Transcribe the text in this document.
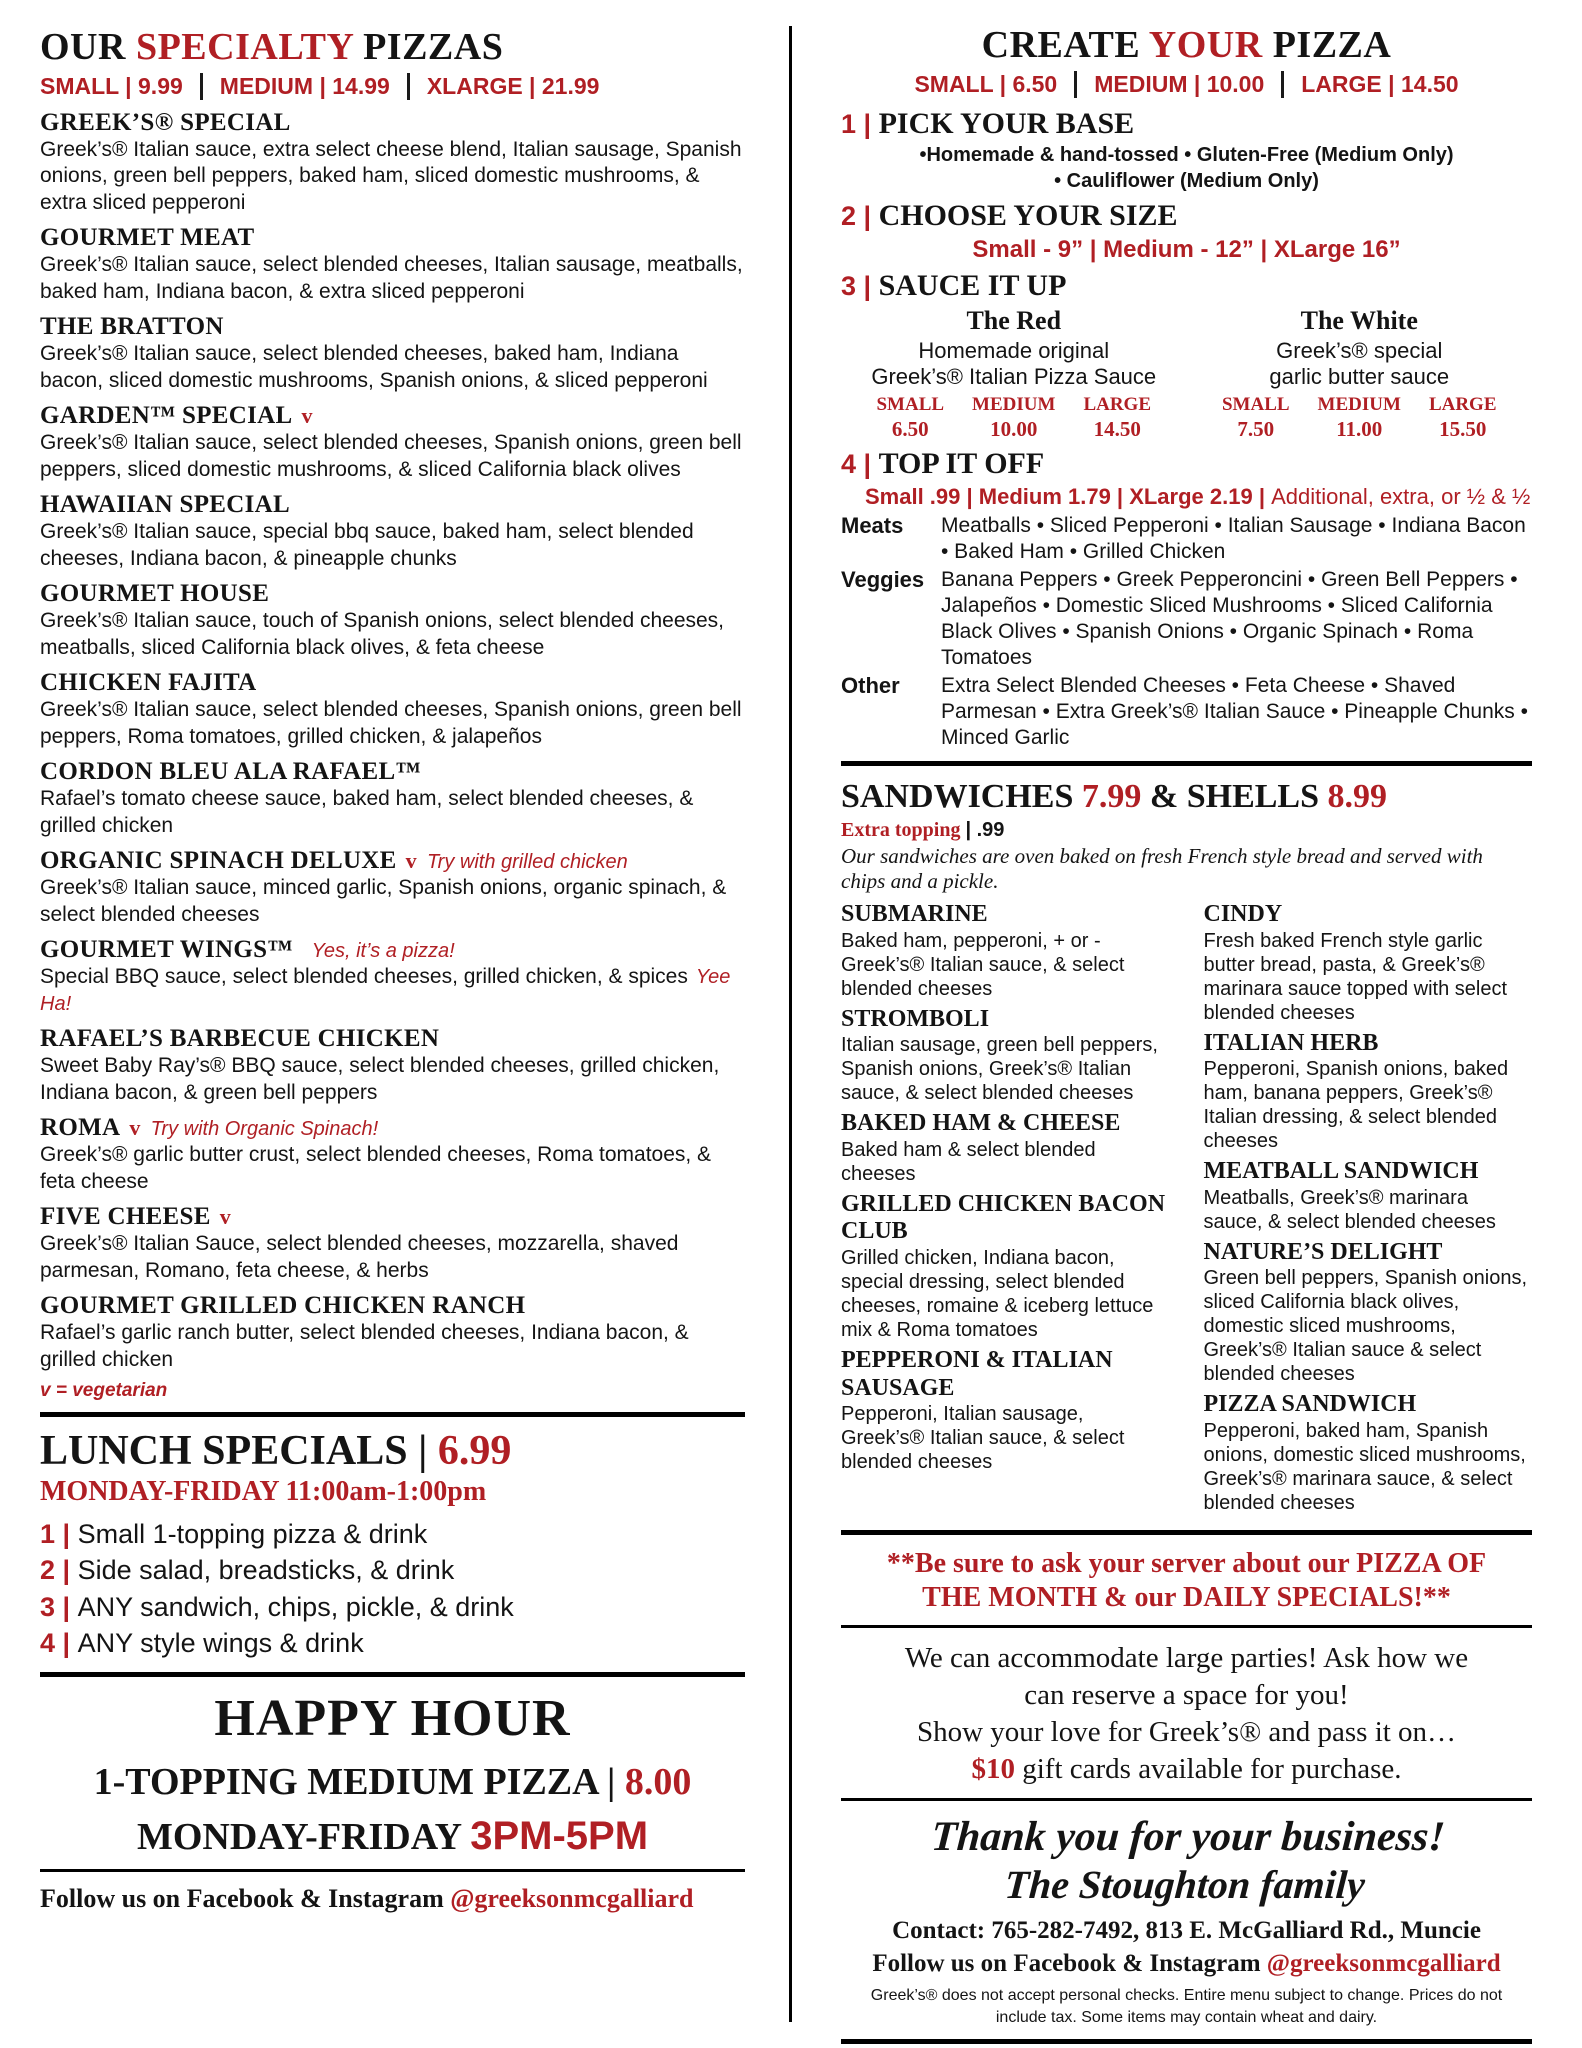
OUR SPECIALTY PIZZAS
SMALL | 9.99	MEDIUM | 14.99	XLARGE | 21.99
GREEK’S® SPECIAL

Greek’s® Italian sauce, extra select cheese blend, Italian sausage, Spanish onions, green bell peppers, baked ham, sliced domestic mushrooms, & extra sliced pepperoni

GOURMET MEAT

Greek’s® Italian sauce, select blended cheeses, Italian sausage, meatballs, baked ham, Indiana bacon, & extra sliced pepperoni

THE BRATTON

Greek’s® Italian sauce, select blended cheeses, baked ham, Indiana bacon, sliced domestic mushrooms, Spanish onions, & sliced pepperoni

GARDEN™ SPECIAL v

Greek’s® Italian sauce, select blended cheeses, Spanish onions, green bell peppers, sliced domestic mushrooms, & sliced California black olives

HAWAIIAN SPECIAL

Greek’s® Italian sauce, special bbq sauce, baked ham, select blended cheeses, Indiana bacon, & pineapple chunks

GOURMET HOUSE

Greek’s® Italian sauce, touch of Spanish onions, select blended cheeses, meatballs, sliced California black olives, & feta cheese

CHICKEN FAJITA

Greek’s® Italian sauce, select blended cheeses, Spanish onions, green bell peppers, Roma tomatoes, grilled chicken, & jalapeños

CORDON BLEU ALA RAFAEL™

Rafael’s tomato cheese sauce, baked ham, select blended cheeses, & grilled chicken

ORGANIC SPINACH DELUXE v Try with grilled chicken

Greek’s® Italian sauce, minced garlic, Spanish onions, organic spinach, & select blended cheeses

GOURMET WINGS™ Yes, it’s a pizza!

Special BBQ sauce, select blended cheeses, grilled chicken, & spices Yee Ha!

RAFAEL’S BARBECUE CHICKEN

Sweet Baby Ray’s® BBQ sauce, select blended cheeses, grilled chicken, Indiana bacon, & green bell peppers

ROMA v Try with Organic Spinach!

Greek’s® garlic butter crust, select blended cheeses, Roma tomatoes, & feta cheese

FIVE CHEESE v

Greek’s® Italian Sauce, select blended cheeses, mozzarella, shaved parmesan, Romano, feta cheese, & herbs

GOURMET GRILLED CHICKEN RANCH

Rafael’s garlic ranch butter, select blended cheeses, Indiana bacon, & grilled chicken

v = vegetarian
LUNCH SPECIALS | 6.99
MONDAY-FRIDAY 11:00am-1:00pm
1 | Small 1-topping pizza & drink
2 | Side salad, breadsticks, & drink
3 | ANY sandwich, chips, pickle, & drink
4 | ANY style wings & drink
HAPPY HOUR
1-TOPPING MEDIUM PIZZA | 8.00
MONDAY-FRIDAY 3PM-5PM
Follow us on Facebook & Instagram @greeksonmcgalliard
CREATE YOUR PIZZA
SMALL | 6.50	MEDIUM | 10.00	LARGE | 14.50
1 | PICK YOUR BASE
•Homemade & hand-tossed • Gluten-Free (Medium Only)
• Cauliflower (Medium Only)
2 | CHOOSE YOUR SIZE
Small - 9” | Medium - 12” | XLarge 16”
3 | SAUCE IT UP
The Red
Homemade original
Greek’s® Italian Pizza Sauce
SMALL MEDIUM LARGE
6.50	10.00	14.50
The White
Greek’s® special
garlic butter sauce
SMALL MEDIUM LARGE
7.50	11.00	15.50
4 | TOP IT OFF
Small .99 | Medium 1.79 | XLarge 2.19 | Additional, extra, or ½ & ½
Meats	Meatballs • Sliced Pepperoni • Italian Sausage • Indiana Bacon • Baked Ham • Grilled Chicken
Veggies Banana Peppers • Greek Pepperoncini • Green Bell Peppers • Jalapeños • Domestic Sliced Mushrooms • Sliced California Black Olives • Spanish Onions • Organic Spinach • Roma Tomatoes
Other	Extra Select Blended Cheeses • Feta Cheese • Shaved Parmesan • Extra Greek’s® Italian Sauce • Pineapple Chunks • Minced Garlic
SANDWICHES 7.99 & SHELLS 8.99
Extra topping | .99

Our sandwiches are oven baked on fresh French style bread and served with chips and a pickle.

SUBMARINE

Baked ham, pepperoni, + or - Greek’s® Italian sauce, & select blended cheeses

STROMBOLI

Italian sausage, green bell peppers, Spanish onions, Greek’s® Italian sauce, & select blended cheeses

BAKED HAM & CHEESE

Baked ham & select blended cheeses

GRILLED CHICKEN BACON CLUB

Grilled chicken, Indiana bacon, special dressing, select blended cheeses, romaine & iceberg lettuce mix & Roma tomatoes

PEPPERONI & ITALIAN SAUSAGE

Pepperoni, Italian sausage, Greek’s® Italian sauce, & select blended cheeses

CINDY

Fresh baked French style garlic butter bread, pasta, & Greek’s® marinara sauce topped with select blended cheeses

ITALIAN HERB

Pepperoni, Spanish onions, baked ham, banana peppers, Greek’s® Italian dressing, & select blended cheeses

MEATBALL SANDWICH

Meatballs, Greek’s® marinara sauce, & select blended cheeses

NATURE’S DELIGHT

Green bell peppers, Spanish onions, sliced California black olives, domestic sliced mushrooms, Greek’s® Italian sauce & select blended cheeses

PIZZA SANDWICH

Pepperoni, baked ham, Spanish onions, domestic sliced mushrooms, Greek’s® marinara sauce, & select blended cheeses

**Be sure to ask your server about our PIZZA OF
THE MONTH & our DAILY SPECIALS!**
We can accommodate large parties! Ask how we
can reserve a space for you!
Show your love for Greek’s® and pass it on…
$10 gift cards available for purchase.
Thank you for your business!
The Stoughton family
Contact: 765-282-7492, 813 E. McGalliard Rd., Muncie
Follow us on Facebook & Instagram @greeksonmcgalliard
Greek’s® does not accept personal checks. Entire menu subject to change. Prices do not
include tax. Some items may contain wheat and dairy.
